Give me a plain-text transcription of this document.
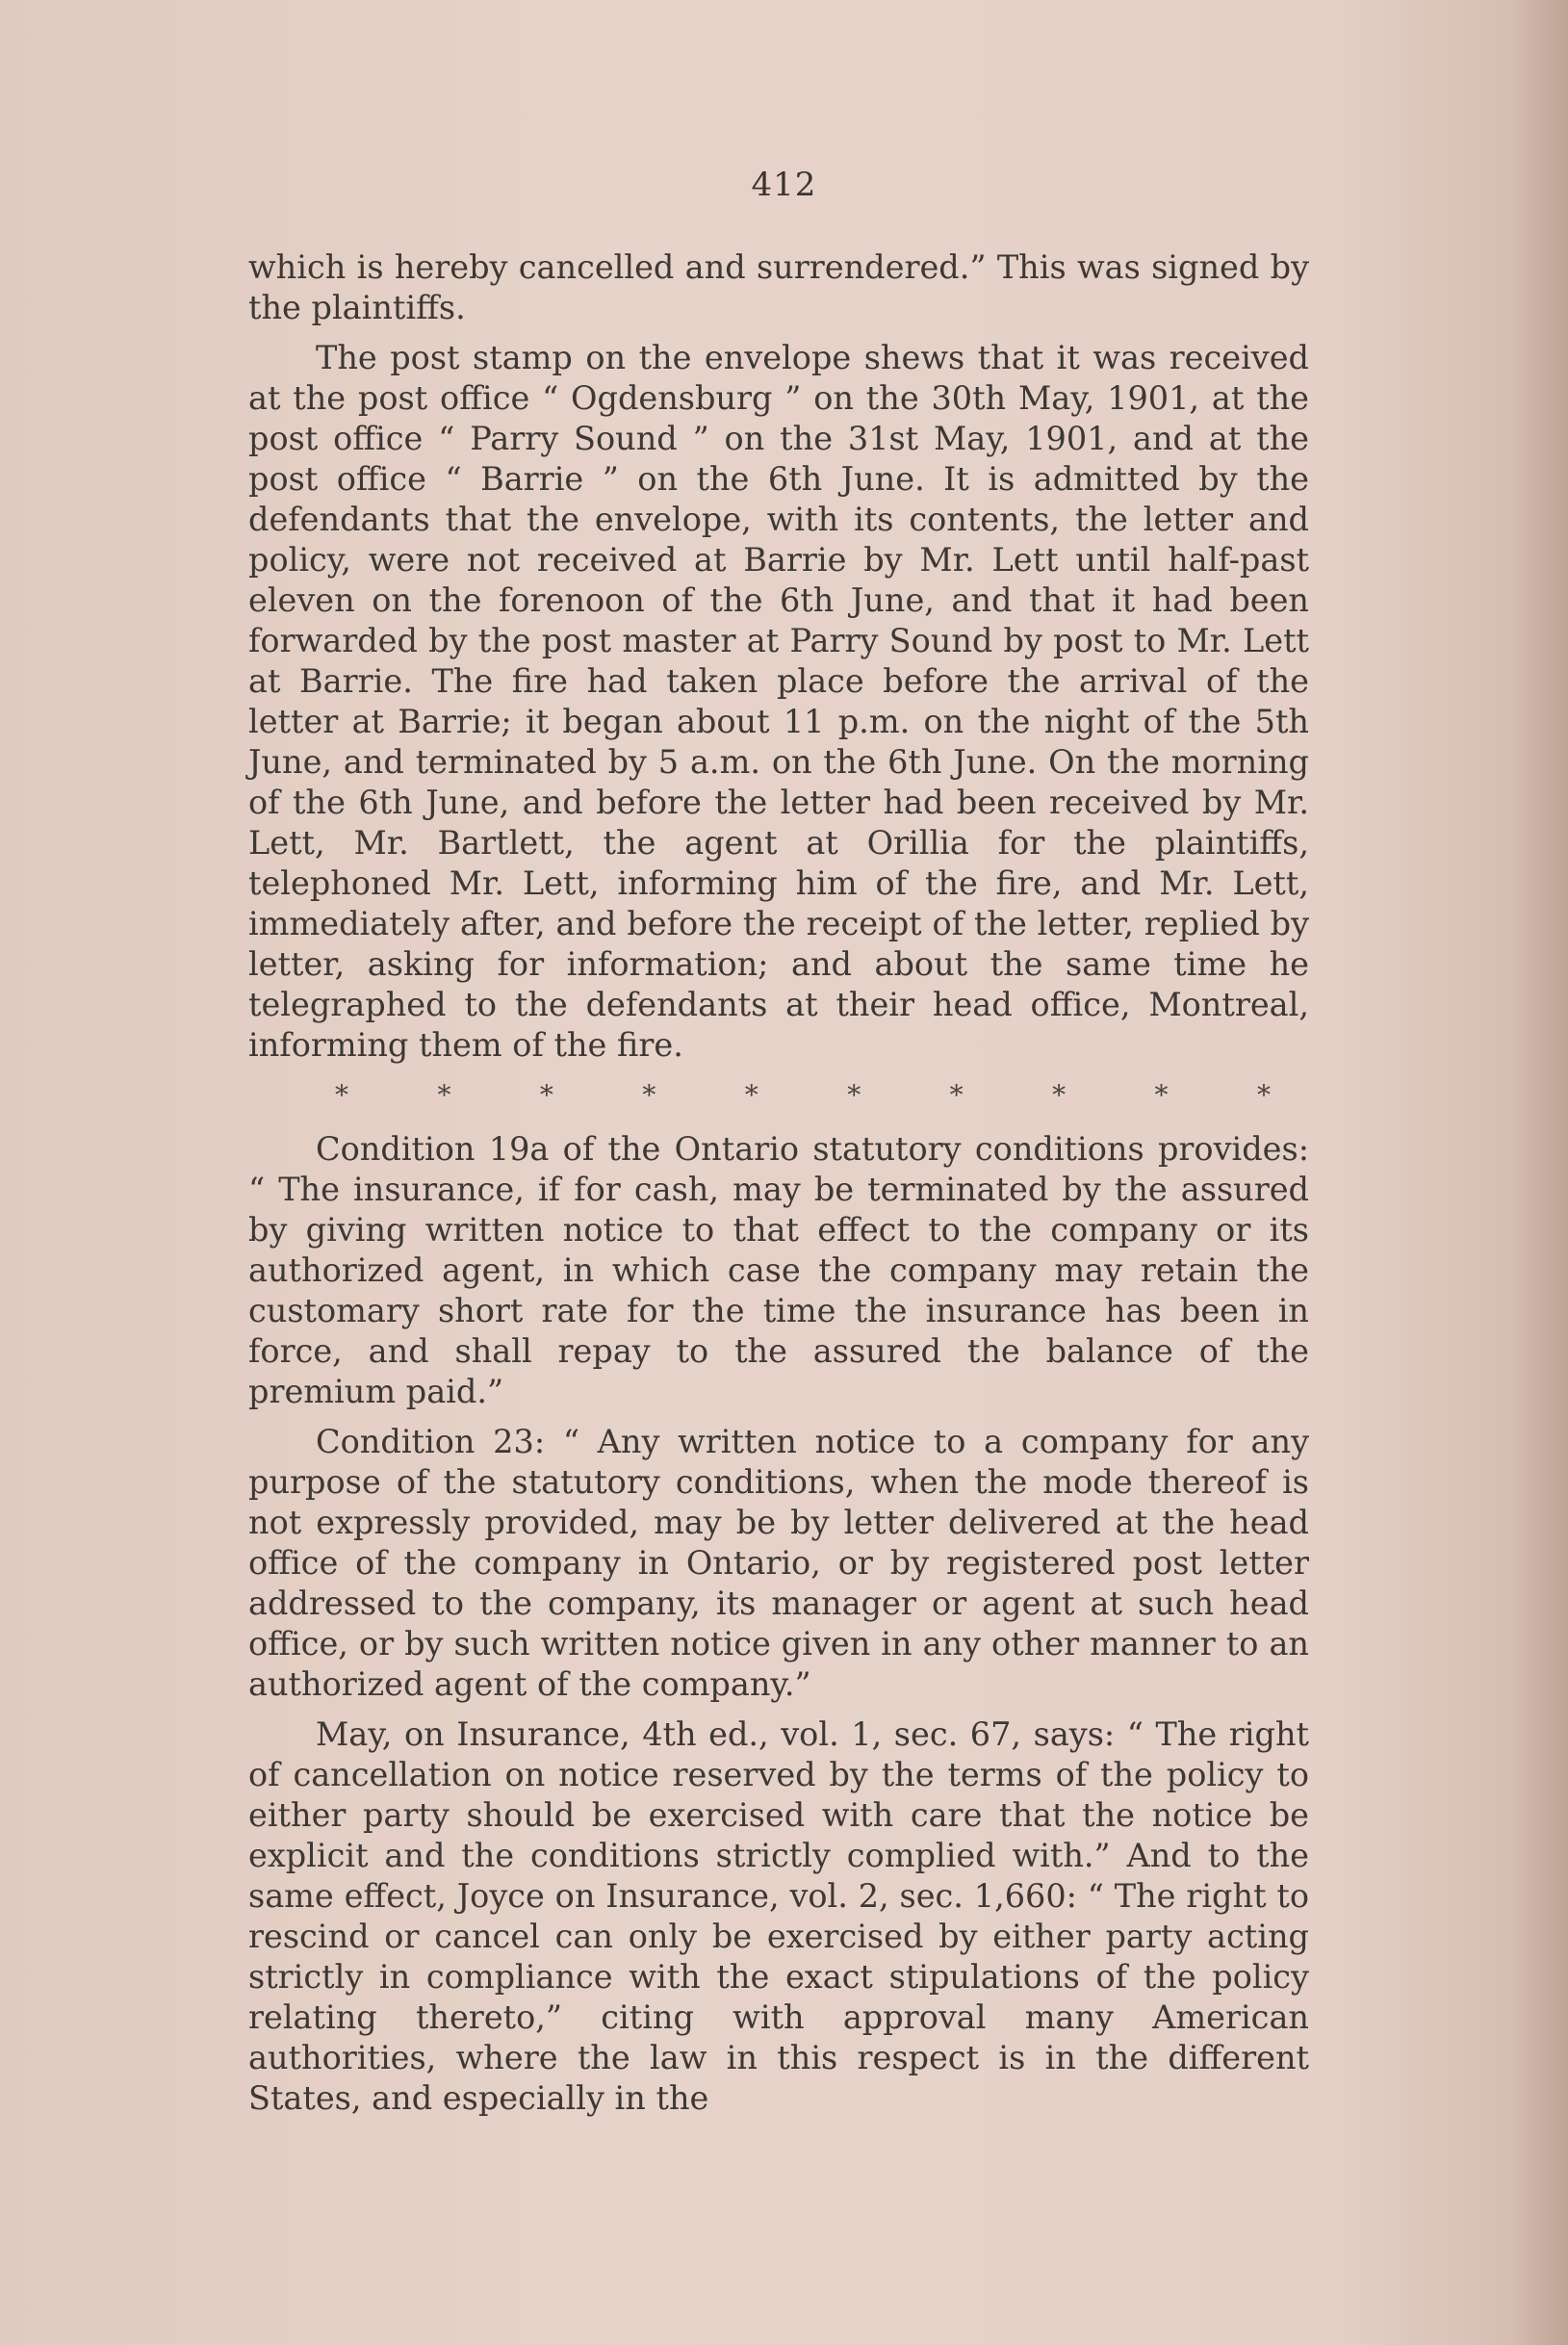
412

which is hereby cancelled and surrendered.” This was signed by the plaintiffs.

The post stamp on the envelope shews that it was received at the post office “ Ogdensburg ” on the 30th May, 1901, at the post office “ Parry Sound ” on the 31st May, 1901, and at the post office “ Barrie ” on the 6th June. It is admitted by the defendants that the envelope, with its contents, the letter and policy, were not received at Barrie by Mr. Lett until half-past eleven on the forenoon of the 6th June, and that it had been forwarded by the post master at Parry Sound by post to Mr. Lett at Barrie. The fire had taken place before the arrival of the letter at Barrie; it began about 11 p.m. on the night of the 5th June, and terminated by 5 a.m. on the 6th June. On the morning of the 6th June, and before the letter had been received by Mr. Lett, Mr. Bartlett, the agent at Orillia for the plaintiffs, telephoned Mr. Lett, informing him of the fire, and Mr. Lett, immediately after, and before the receipt of the letter, replied by letter, asking for information; and about the same time he telegraphed to the defendants at their head office, Montreal, informing them of the fire.

*	*	*	*	*	*	*	*	*	*

Condition 19a of the Ontario statutory conditions provides: “ The insurance, if for cash, may be terminated by the assured by giving written notice to that effect to the company or its authorized agent, in which case the company may retain the customary short rate for the time the insurance has been in force, and shall repay to the assured the balance of the premium paid.”

Condition 23: “ Any written notice to a company for any purpose of the statutory conditions, when the mode thereof is not expressly provided, may be by letter delivered at the head office of the company in Ontario, or by registered post letter addressed to the company, its manager or agent at such head office, or by such written notice given in any other manner to an authorized agent of the company.”

May, on Insurance, 4th ed., vol. 1, sec. 67, says: “ The right of cancellation on notice reserved by the terms of the policy to either party should be exercised with care that the notice be explicit and the conditions strictly complied with.” And to the same effect, Joyce on Insurance, vol. 2, sec. 1,660: “ The right to rescind or cancel can only be exercised by either party acting strictly in compliance with the exact stipulations of the policy relating thereto,” citing with approval many American authorities, where the law in this respect is in the different States, and especially in the
